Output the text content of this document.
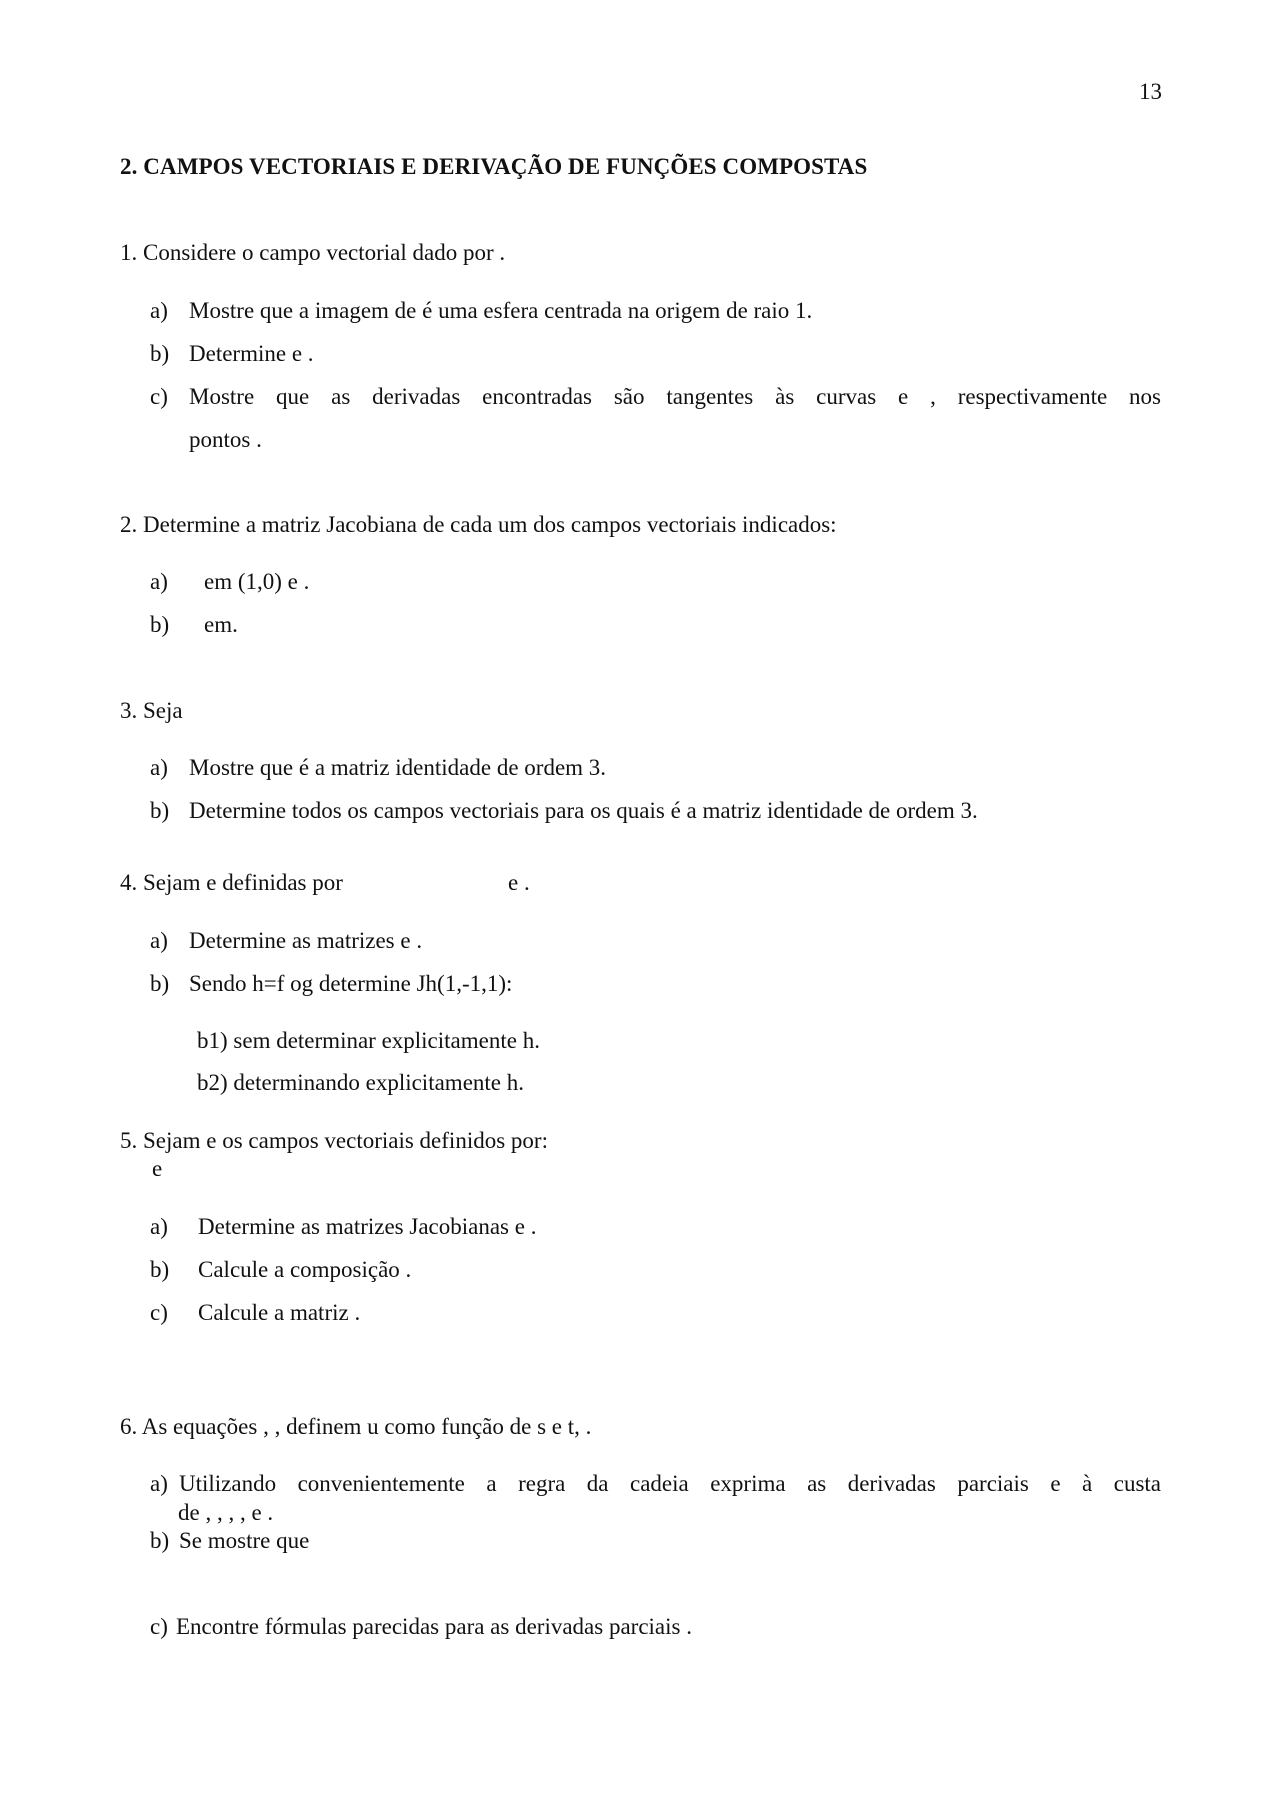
13
2. CAMPOS VECTORIAIS E DERIVAÇÃO DE FUNÇÕES COMPOSTAS
1. Considere o campo vectorial dado por .
a) Mostre que a imagem de é uma esfera centrada na origem de raio 1.
b) Determine e .
c) Mostre que as derivadas encontradas são tangentes às curvas e , respectivamente nos
pontos .
2. Determine a matriz Jacobiana de cada um dos campos vectoriais indicados:
a)	em (1,0) e .
b)	em.
3. Seja
a) Mostre que é a matriz identidade de ordem 3.
b) Determine todos os campos vectoriais para os quais é a matriz identidade de ordem 3.
4. Sejam e definidas por	e .
a) Determine as matrizes e .
b) Sendo h=f og determine Jh(1,-1,1):
b1) sem determinar explicitamente h.
b2) determinando explicitamente h.
5. Sejam e os campos vectoriais definidos por:
e
a)	Determine as matrizes Jacobianas e .
b)	Calcule a composição .
c)	Calcule a matriz .
6. As equações , , definem u como função de s e t, .
a) Utilizando convenientemente a regra da cadeia exprima as derivadas parciais e à custa
de , , , , e .
b) Se mostre que
c) Encontre fórmulas parecidas para as derivadas parciais .
